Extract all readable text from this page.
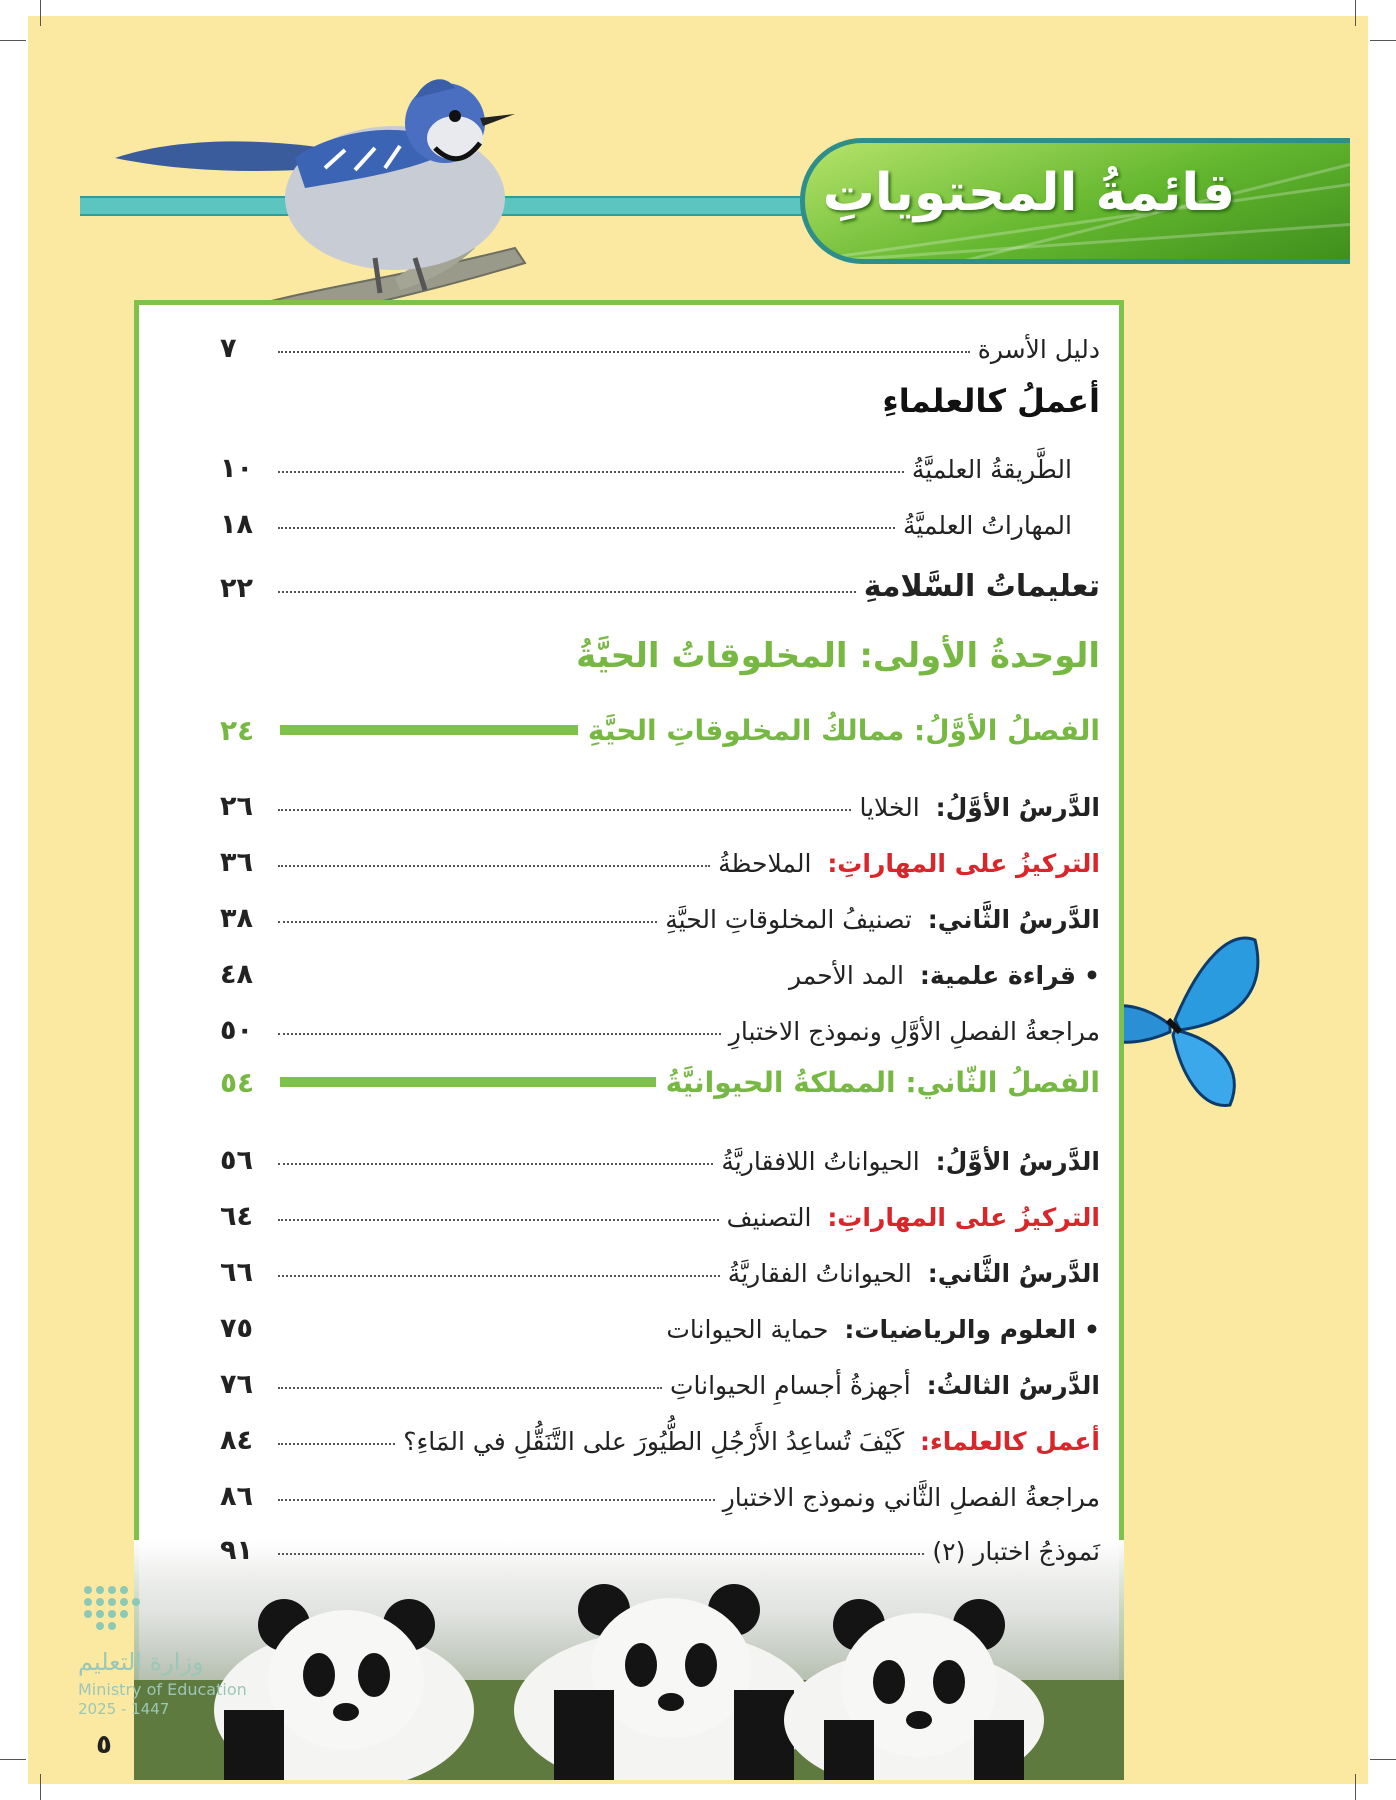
قائمةُ المحتوياتِ
دليل الأسرة
٧
أعملُ كالعلماءِ
الطَّريقةُ العلميَّةُ
١٠
المهاراتُ العلميَّةُ
١٨
تعليماتُ السَّلامةِ
٢٢
الوحدةُ الأولى: المخلوقاتُ الحيَّةُ
الفصلُ الأوَّلُ: ممالكُ المخلوقاتِ الحيَّةِ
٢٤
الدَّرسُ الأوَّلُ:  الخلايا
٢٦
التركيزُ على المهاراتِ:  الملاحظةُ
٣٦
الدَّرسُ الثَّاني:  تصنيفُ المخلوقاتِ الحيَّةِ
٣٨
•قراءة علمية:  المد الأحمر
٤٨
مراجعةُ الفصلِ الأوَّلِ ونموذج الاختبارِ
٥٠
الفصلُ الثّاني: المملكةُ الحيوانيَّةُ
٥٤
الدَّرسُ الأوَّلُ:  الحيواناتُ اللافقاريَّةُ
٥٦
التركيزُ على المهاراتِ:  التصنيف
٦٤
الدَّرسُ الثَّاني:  الحيواناتُ الفقاريَّةُ
٦٦
•العلوم والرياضيات:  حماية الحيوانات
٧٥
الدَّرسُ الثالثُ:  أجهزةُ أجسامِ الحيواناتِ
٧٦
أعمل كالعلماء:  كَيْفَ تُساعِدُ الأَرْجُلِ الطُّيُورَ على التَّنَقُّلِ في المَاءِ؟
٨٤
مراجعةُ الفصلِ الثَّاني ونموذج الاختبارِ
٨٦
نَموذجُ اختبار (٢)
٩١
وزارة التعليم
Ministry of Education
2025 - 1447
٥
